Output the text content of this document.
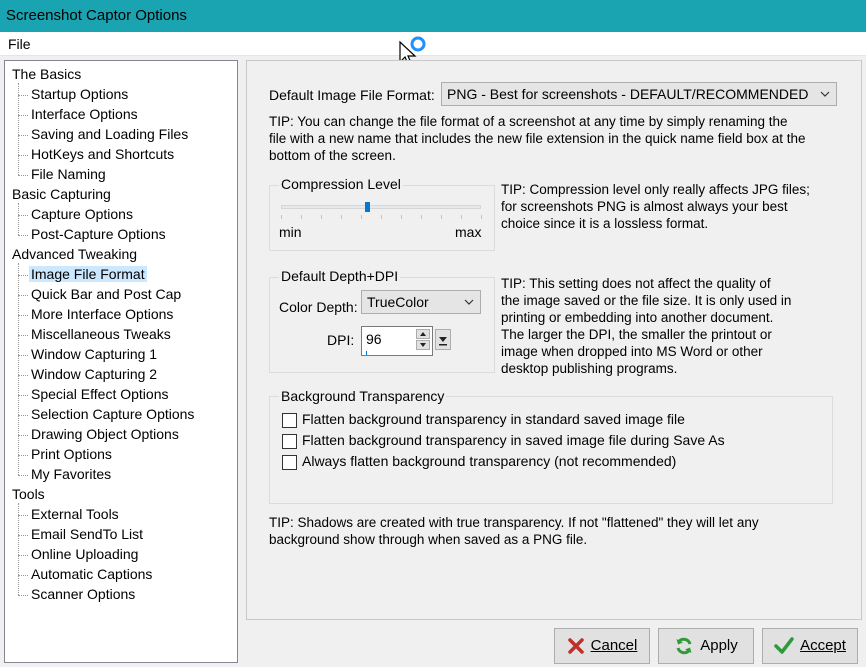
Screenshot Captor Options
File
The Basics
Startup Options
Interface Options
Saving and Loading Files
HotKeys and Shortcuts
File Naming
Basic Capturing
Capture Options
Post-Capture Options
Advanced Tweaking
Image File Format
Quick Bar and Post Cap
More Interface Options
Miscellaneous Tweaks
Window Capturing 1
Window Capturing 2
Special Effect Options
Selection Capture Options
Drawing Object Options
Print Options
My Favorites
Tools
External Tools
Email SendTo List
Online Uploading
Automatic Captions
Scanner Options
Default Image File Format: PNG - Best for screenshots - DEFAULT/RECOMMENDED
TIP: You can change the file format of a screenshot at any time by simply renaming the
file with a new name that includes the new file extension in the quick name field box at the
bottom of the screen.
Compression Level
min	max
TIP: Compression level only really affects JPG files;
for screenshots PNG is almost always your best
choice since it is a lossless format.
Default Depth+DPI
Color Depth: TrueColor
DPI: 96
TIP: This setting does not affect the quality of
the image saved or the file size. It is only used in
printing or embedding into another document.
The larger the DPI, the smaller the printout or
image when dropped into MS Word or other
desktop publishing programs.
Background Transparency
Flatten background transparency in standard saved image file
Flatten background transparency in saved image file during Save As
Always flatten background transparency (not recommended)
TIP: Shadows are created with true transparency. If not "flattened" they will let any
background show through when saved as a PNG file.
Cancel	Apply	Accept
